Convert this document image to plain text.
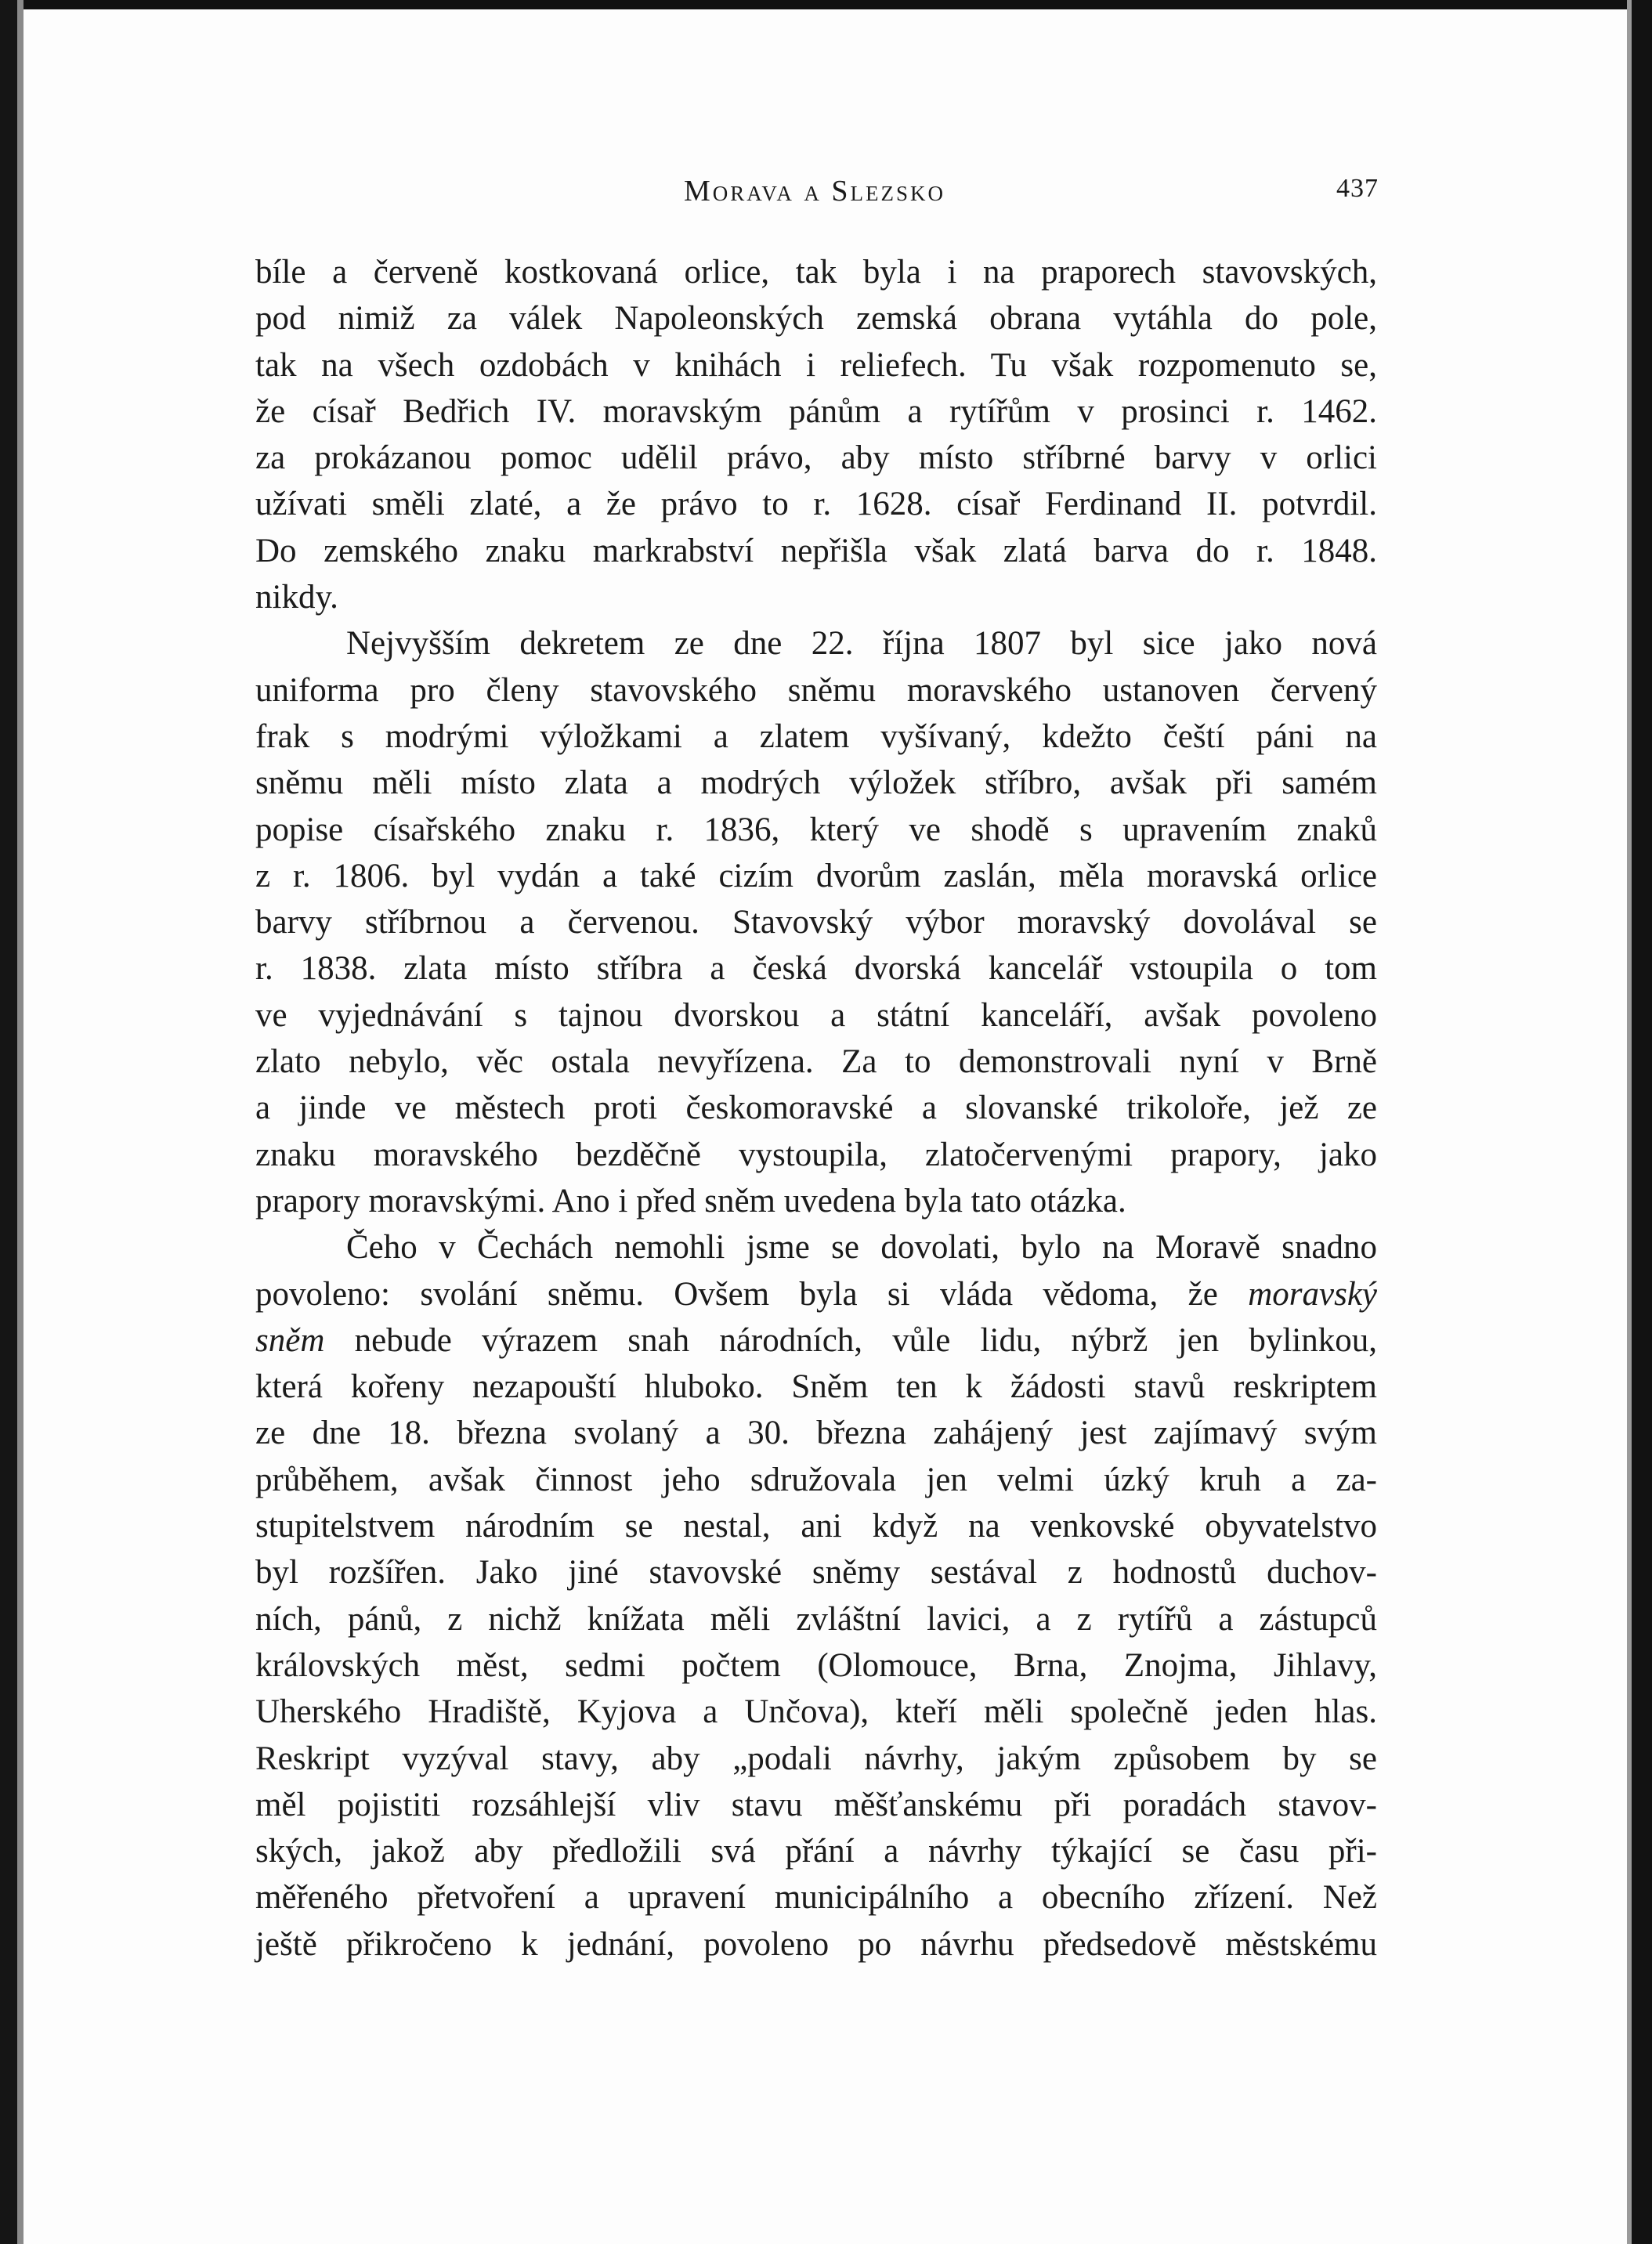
Morava a Slezsko	437

bíle a červeně kostkovaná orlice, tak byla i na praporech stavovských,
pod nimiž za válek Napoleonských zemská obrana vytáhla do pole,
tak na všech ozdobách v knihách i reliefech. Tu však rozpomenuto se,
že císař Bedřich IV. moravským pánům a rytířům v prosinci r. 1462.
za prokázanou pomoc udělil právo, aby místo stříbrné barvy v orlici
užívati směli zlaté, a že právo to r. 1628. císař Ferdinand II. potvrdil.
Do zemského znaku markrabství nepřišla však zlatá barva do r. 1848.
nikdy.

Nejvyšším dekretem ze dne 22. října 1807 byl sice jako nová
uniforma pro členy stavovského sněmu moravského ustanoven červený
frak s modrými výložkami a zlatem vyšívaný, kdežto čeští páni na
sněmu měli místo zlata a modrých výložek stříbro, avšak při samém
popise císařského znaku r. 1836, který ve shodě s upravením znaků
z r. 1806. byl vydán a také cizím dvorům zaslán, měla moravská orlice
barvy stříbrnou a červenou. Stavovský výbor moravský dovolával se
r. 1838. zlata místo stříbra a česká dvorská kancelář vstoupila o tom
ve vyjednávání s tajnou dvorskou a státní kanceláří, avšak povoleno
zlato nebylo, věc ostala nevyřízena. Za to demonstrovali nyní v Brně
a jinde ve městech proti českomoravské a slovanské trikoloře, jež ze
znaku moravského bezděčně vystoupila, zlatočervenými prapory, jako
prapory moravskými. Ano i před sněm uvedena byla tato otázka.

Čeho v Čechách nemohli jsme se dovolati, bylo na Moravě snadno
povoleno: svolání sněmu. Ovšem byla si vláda vědoma, že moravský
sněm nebude výrazem snah národních, vůle lidu, nýbrž jen bylinkou,
která kořeny nezapouští hluboko. Sněm ten k žádosti stavů reskriptem
ze dne 18. března svolaný a 30. března zahájený jest zajímavý svým
průběhem, avšak činnost jeho sdružovala jen velmi úzký kruh a za-
stupitelstvem národním se nestal, ani když na venkovské obyvatelstvo
byl rozšířen. Jako jiné stavovské sněmy sestával z hodnostů duchov-
ních, pánů, z nichž knížata měli zvláštní lavici, a z rytířů a zástupců
královských měst, sedmi počtem (Olomouce, Brna, Znojma, Jihlavy,
Uherského Hradiště, Kyjova a Unčova), kteří měli společně jeden hlas.
Reskript vyzýval stavy, aby „podali návrhy, jakým způsobem by se
měl pojistiti rozsáhlejší vliv stavu měšťanskému při poradách stavov-
ských, jakož aby předložili svá přání a návrhy týkající se času při-
měřeného přetvoření a upravení municipálního a obecního zřízení. Než
ještě přikročeno k jednání, povoleno po návrhu předsedově městskému
